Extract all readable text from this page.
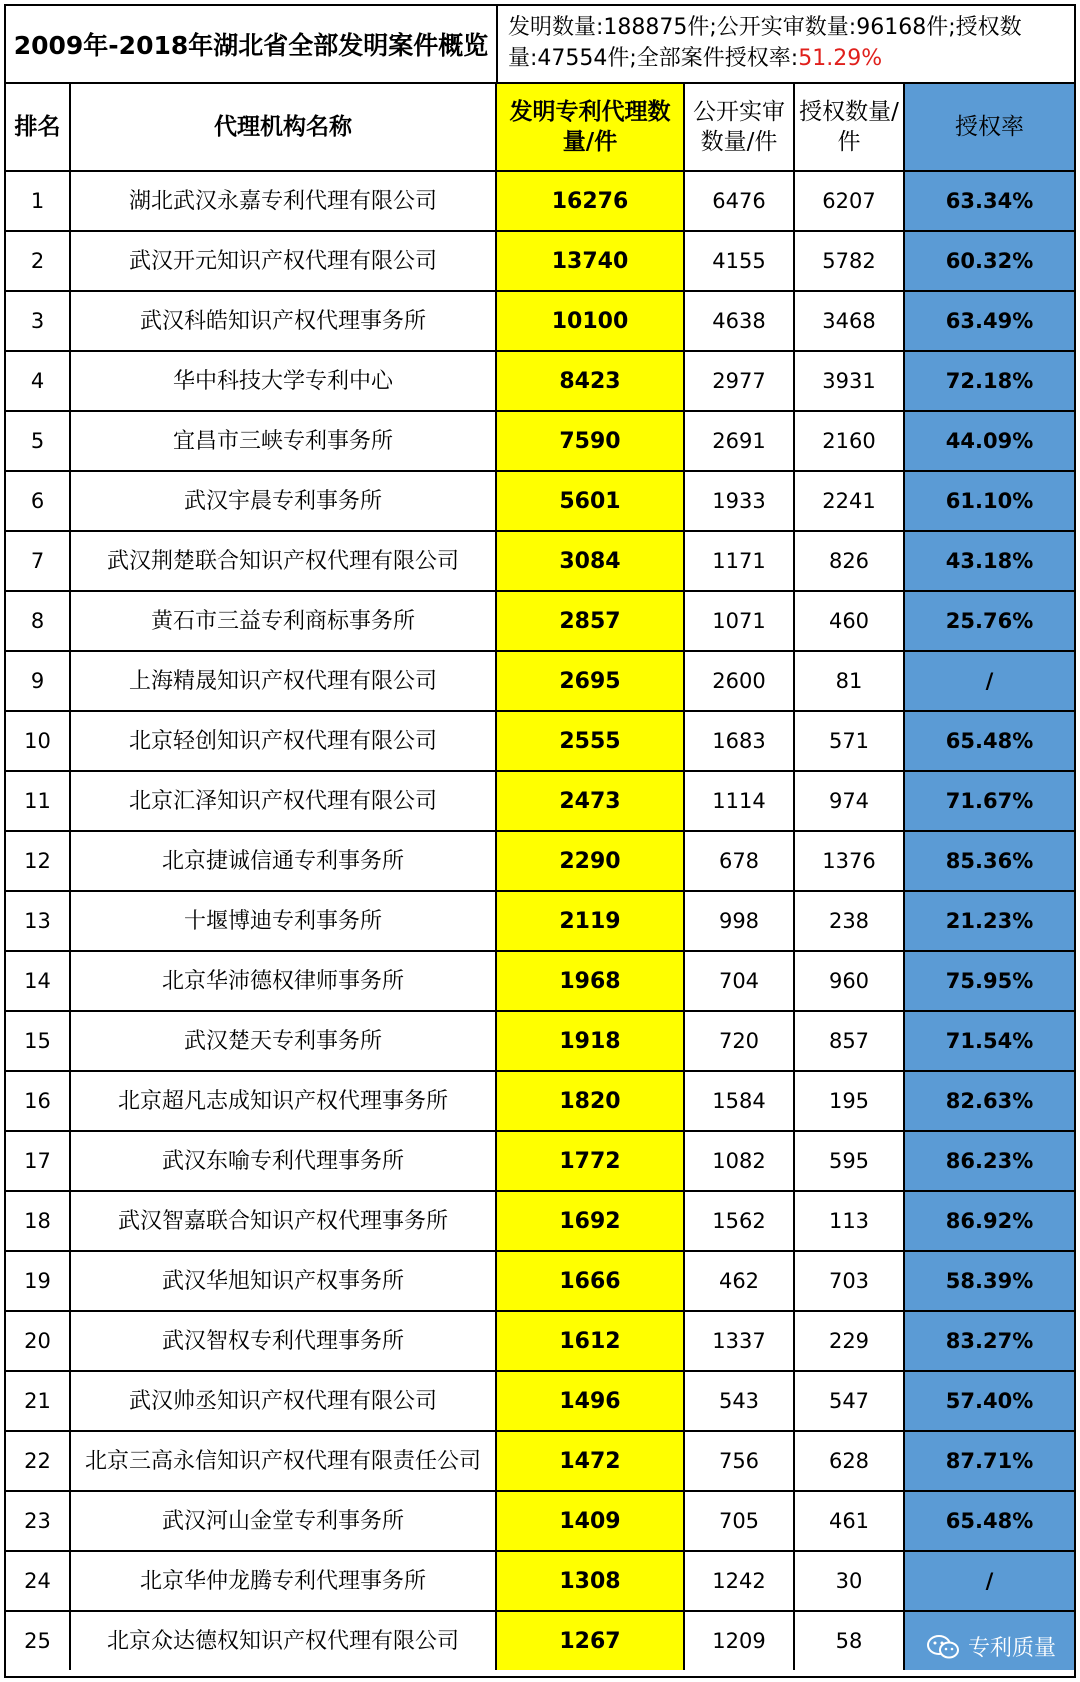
2009年-2018年湖北省全部发明案件概览
发明数量:188875件;公开实审数量:96168件;授权数
量:47554件;全部案件授权率:51.29%
排名	代理机构名称	发明专利代理数量/件	公开实审数量/件	授权数量/件	授权率
1	湖北武汉永嘉专利代理有限公司	16276	6476	6207	63.34%
2	武汉开元知识产权代理有限公司	13740	4155	5782	60.32%
3	武汉科皓知识产权代理事务所	10100	4638	3468	63.49%
4	华中科技大学专利中心	8423	2977	3931	72.18%
5	宜昌市三峡专利事务所	7590	2691	2160	44.09%
6	武汉宇晨专利事务所	5601	1933	2241	61.10%
7	武汉荆楚联合知识产权代理有限公司	3084	1171	826	43.18%
8	黄石市三益专利商标事务所	2857	1071	460	25.76%
9	上海精晟知识产权代理有限公司	2695	2600	81	/
10	北京轻创知识产权代理有限公司	2555	1683	571	65.48%
11	北京汇泽知识产权代理有限公司	2473	1114	974	71.67%
12	北京捷诚信通专利事务所	2290	678	1376	85.36%
13	十堰博迪专利事务所	2119	998	238	21.23%
14	北京华沛德权律师事务所	1968	704	960	75.95%
15	武汉楚天专利事务所	1918	720	857	71.54%
16	北京超凡志成知识产权代理事务所	1820	1584	195	82.63%
17	武汉东喻专利代理事务所	1772	1082	595	86.23%
18	武汉智嘉联合知识产权代理事务所	1692	1562	113	86.92%
19	武汉华旭知识产权事务所	1666	462	703	58.39%
20	武汉智权专利代理事务所	1612	1337	229	83.27%
21	武汉帅丞知识产权代理有限公司	1496	543	547	57.40%
22	北京三高永信知识产权代理有限责任公司	1472	756	628	87.71%
23	武汉河山金堂专利事务所	1409	705	461	65.48%
24	北京华仲龙腾专利代理事务所	1308	1242	30	/
25	北京众达德权知识产权代理有限公司	1267	1209	58		专利质量
